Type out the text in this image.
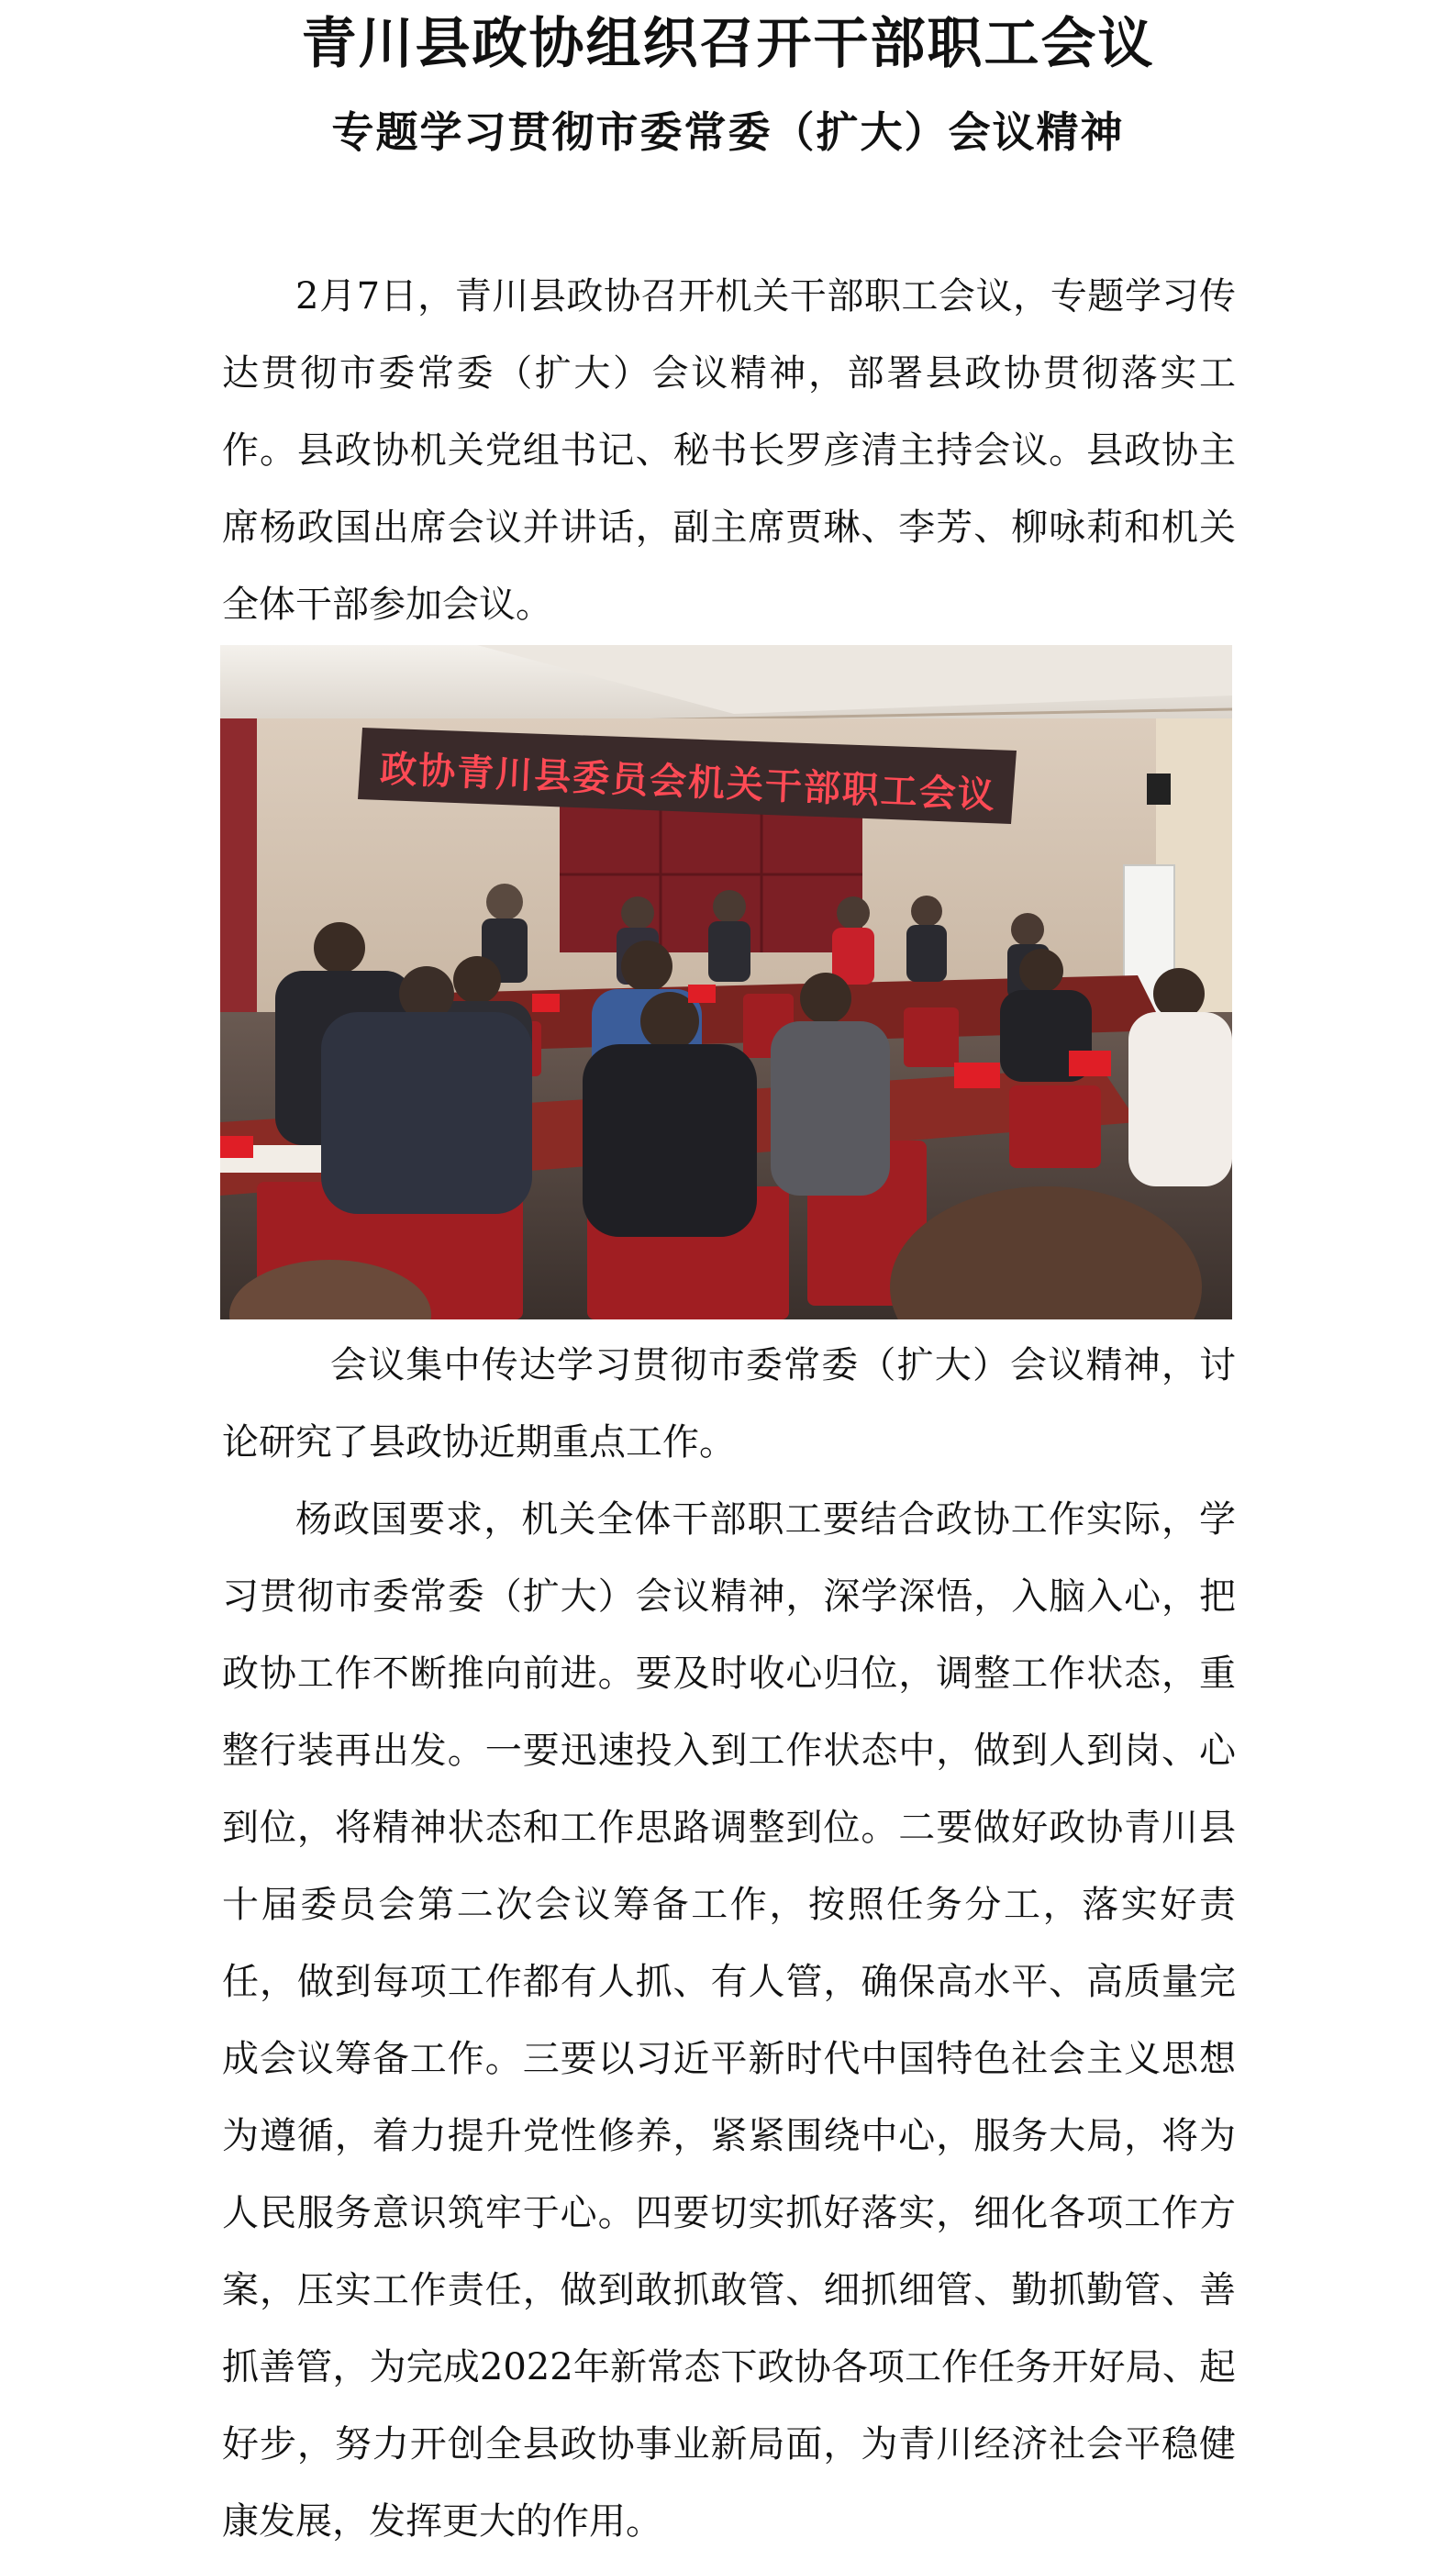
青川县政协组织召开干部职工会议
专题学习贯彻市委常委（扩大）会议精神

2月7日，青川县政协召开机关干部职工会议，专题学习传达贯彻市委常委（扩大）会议精神，部署县政协贯彻落实工作。县政协机关党组书记、秘书长罗彦清主持会议。县政协主席杨政国出席会议并讲话，副主席贾琳、李芳、柳咏莉和机关全体干部参加会议。

政协青川县委员会机关干部职工会议

会议集中传达学习贯彻市委常委（扩大）会议精神，讨论研究了县政协近期重点工作。

杨政国要求，机关全体干部职工要结合政协工作实际，学习贯彻市委常委（扩大）会议精神，深学深悟，入脑入心，把政协工作不断推向前进。要及时收心归位，调整工作状态，重整行装再出发。一要迅速投入到工作状态中，做到人到岗、心到位，将精神状态和工作思路调整到位。二要做好政协青川县十届委员会第二次会议筹备工作，按照任务分工，落实好责任，做到每项工作都有人抓、有人管，确保高水平、高质量完成会议筹备工作。三要以习近平新时代中国特色社会主义思想为遵循，着力提升党性修养，紧紧围绕中心，服务大局，将为人民服务意识筑牢于心。四要切实抓好落实，细化各项工作方案，压实工作责任，做到敢抓敢管、细抓细管、勤抓勤管、善抓善管，为完成2022年新常态下政协各项工作任务开好局、起好步，努力开创全县政协事业新局面，为青川经济社会平稳健康发展，发挥更大的作用。
